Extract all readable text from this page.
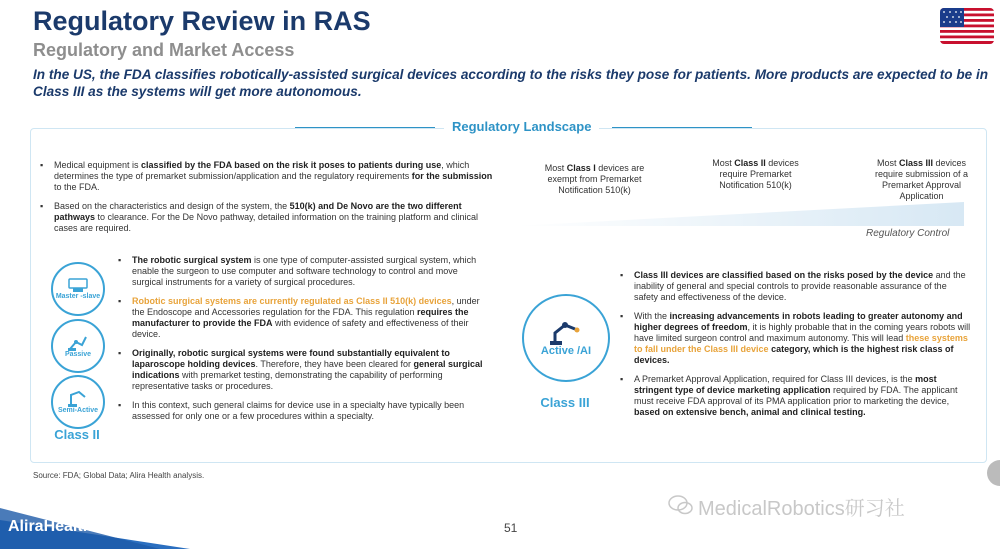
Regulatory Review in RAS
Regulatory and Market Access
In the US, the FDA classifies robotically-assisted surgical devices according to the risks they pose for patients. More products are expected to be in Class III as the systems will get more autonomous.
Regulatory Landscape
▪ Medical equipment is classified by the FDA based on the risk it poses to patients during use, which determines the type of premarket submission/application and the regulatory requirements for the submission to the FDA.
▪ Based on the characteristics and design of the system, the 510(k) and De Novo are the two different pathways to clearance. For the De Novo pathway, detailed information on the training platform and clinical cases are required.
Most Class I devices are exempt from Premarket Notification 510(k)
Most Class II devices require Premarket Notification 510(k)
Most Class III devices require submission of a Premarket Approval Application
Regulatory Control
Master -slave
Passive
Semi-Active
Class II
▪ The robotic surgical system is one type of computer-assisted surgical system, which enable the surgeon to use computer and software technology to control and move surgical instruments for a variety of surgical procedures.
▪ Robotic surgical systems are currently regulated as Class II 510(k) devices, under the Endoscope and Accessories regulation for the FDA. This regulation requires the manufacturer to provide the FDA with evidence of safety and effectiveness of their device.
▪ Originally, robotic surgical systems were found substantially equivalent to laparoscope holding devices. Therefore, they have been cleared for general surgical indications with premarket testing, demonstrating the capability of performing representative tasks or procedures.
▪ In this context, such general claims for device use in a specialty have typically been assessed for only one or a few procedures within a specialty.
Active /AI
Class III
▪ Class III devices are classified based on the risks posed by the device and the inability of general and special controls to provide reasonable assurance of the safety and effectiveness of the device.
▪ With the increasing advancements in robots leading to greater autonomy and higher degrees of freedom, it is highly probable that in the coming years robots will have limited surgeon control and maximum autonomy. This will lead these systems to fall under the Class III device category, which is the highest risk class of devices.
▪ A Premarket Approval Application, required for Class III devices, is the most stringent type of device marketing application required by FDA. The applicant must receive FDA approval of its PMA application prior to marketing the device, based on extensive bench, animal and clinical testing.
Source: FDA; Global Data; Alira Health analysis.
AliraHealth	51
MedicalRobotics研习社
